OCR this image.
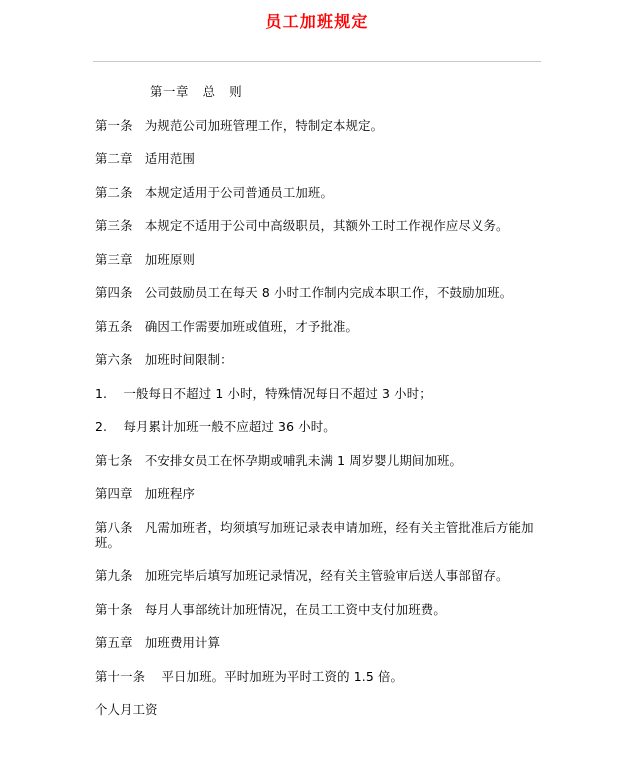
员工加班规定

第一章   总   则

第一条   为规范公司加班管理工作，特制定本规定。

第二章   适用范围

第二条   本规定适用于公司普通员工加班。

第三条   本规定不适用于公司中高级职员，其额外工时工作视作应尽义务。

第三章   加班原则

第四条   公司鼓励员工在每天 8 小时工作制内完成本职工作，不鼓励加班。

第五条   确因工作需要加班或值班，才予批准。

第六条   加班时间限制：

1.    一般每日不超过 1 小时，特殊情况每日不超过 3 小时；

2.    每月累计加班一般不应超过 36 小时。

第七条   不安排女员工在怀孕期或哺乳未满 1 周岁婴儿期间加班。

第四章   加班程序

第八条   凡需加班者，均须填写加班记录表申请加班，经有关主管批准后方能加班。

第九条   加班完毕后填写加班记录情况，经有关主管验审后送人事部留存。

第十条   每月人事部统计加班情况，在员工工资中支付加班费。

第五章   加班费用计算

第十一条    平日加班。平时加班为平时工资的 1.5 倍。

个人月工资
